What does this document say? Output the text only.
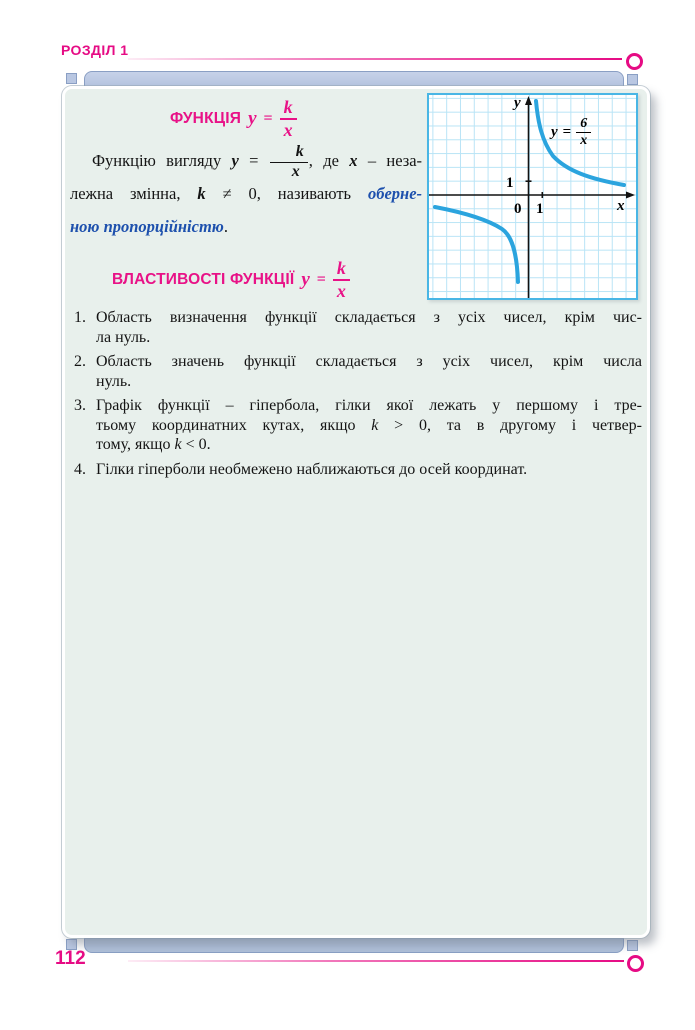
РОЗДІЛ 1
ФУНКЦІЯ $y = \frac{k}{x}$	y
x
0 1
1
$y = \frac{6}{x}$
Функцію вигляду $y = \frac{k}{x}$ , де x – неза-
лежна змінна, k ≠ 0, називають оберне-
ною пропорційністю.
ВЛАСТИВОСТІ ФУНКЦІЇ $y = \frac{k}{x}$
1. Область визначення функції складається з усіх чисел, крім чис-
ла нуль.
2. Область значень функції складається з усіх чисел, крім числа
нуль.
3. Графік функції – гіпербола, гілки якої лежать у першому і тре-
тьому координатних кутах, якщо k > 0, та в другому і четвер-
тому, якщо k < 0.
4. Гілки гіперболи необмежено наближаються до осей координат.
112
